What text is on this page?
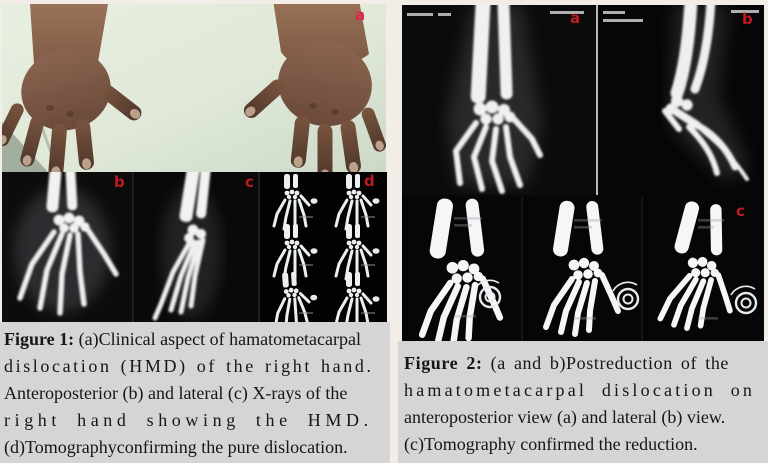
a
b	c	d
Figure 1: (a)Clinical aspect of hamatometacarpal
dislocation (HMD) of the right hand.
Anteroposterior (b) and lateral (c) X-rays of the
right hand showing the HMD.
(d)Tomographyconfirming the pure dislocation.
a	b
c
Figure 2: (a and b)Postreduction of the
hamatometacarpal dislocation on
anteroposterior view (a) and lateral (b) view.
(c)Tomography confirmed the reduction.
